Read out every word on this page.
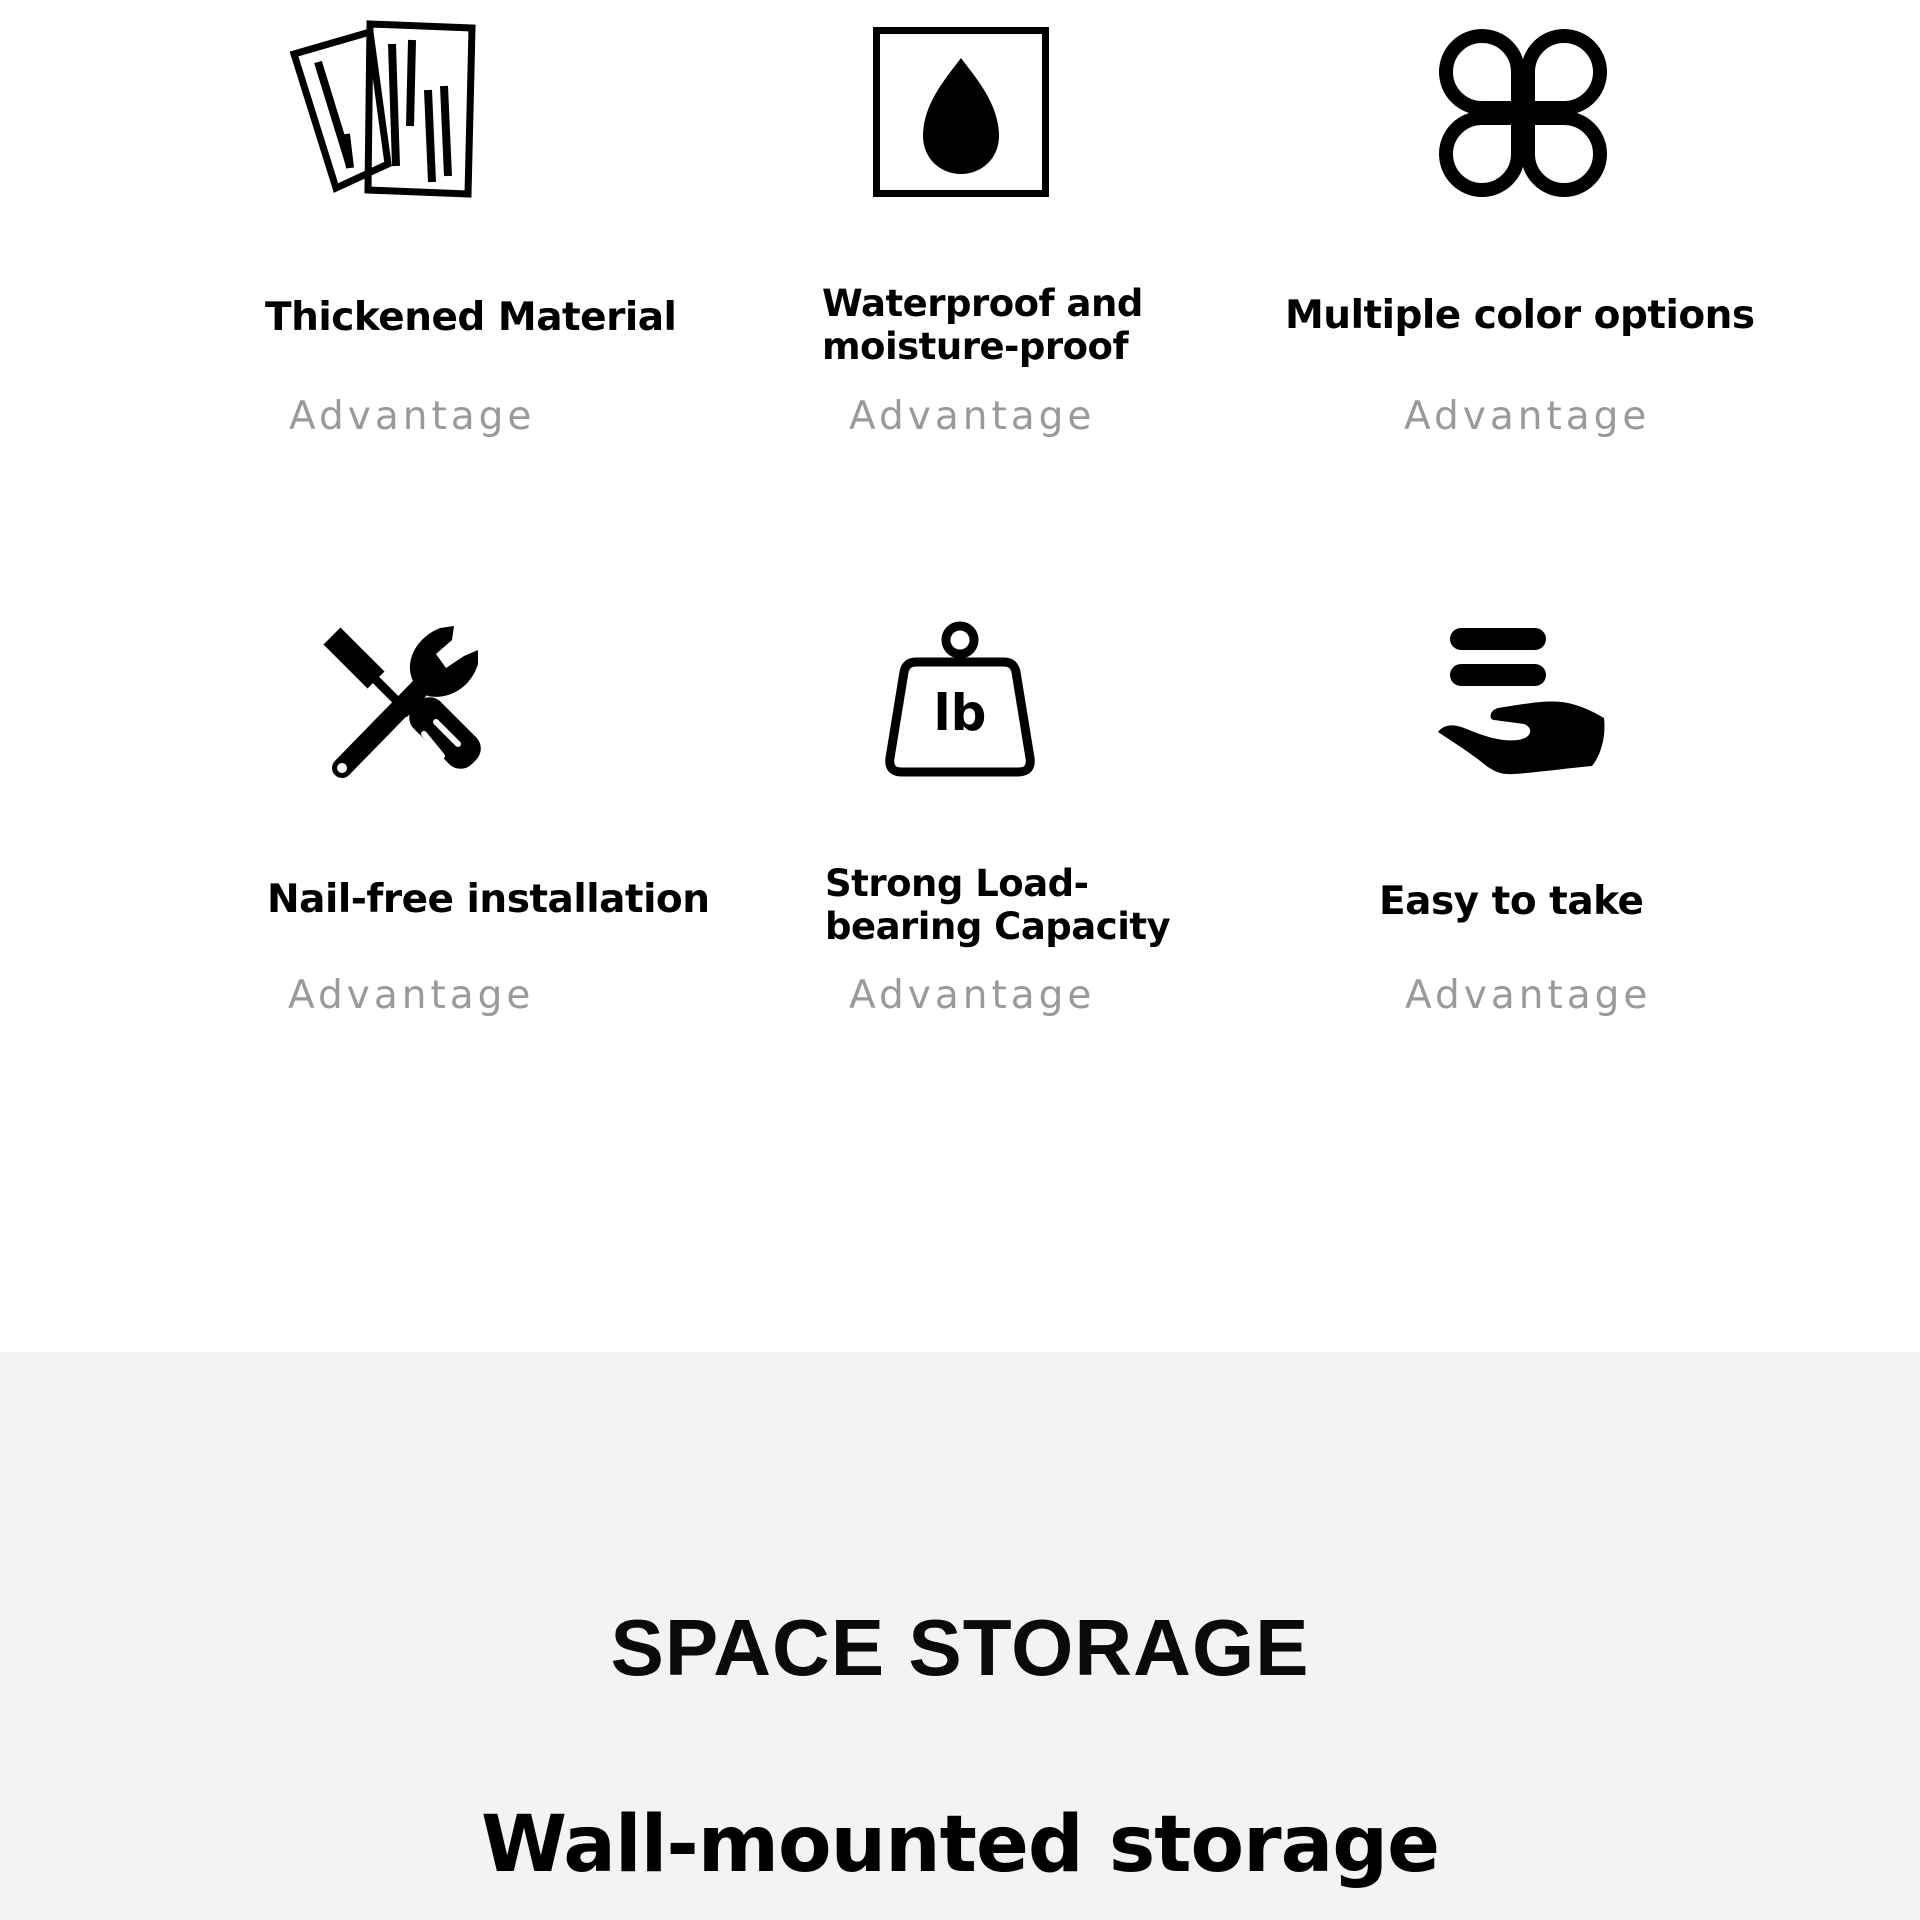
Thickened Material
Advantage
Waterproof and moisture-proof
Advantage
Multiple color options
Advantage
Nail-free installation
Advantage
lb
Strong Load-bearing Capacity
Advantage
Easy to take
Advantage
SPACE STORAGE
Wall-mounted storage
